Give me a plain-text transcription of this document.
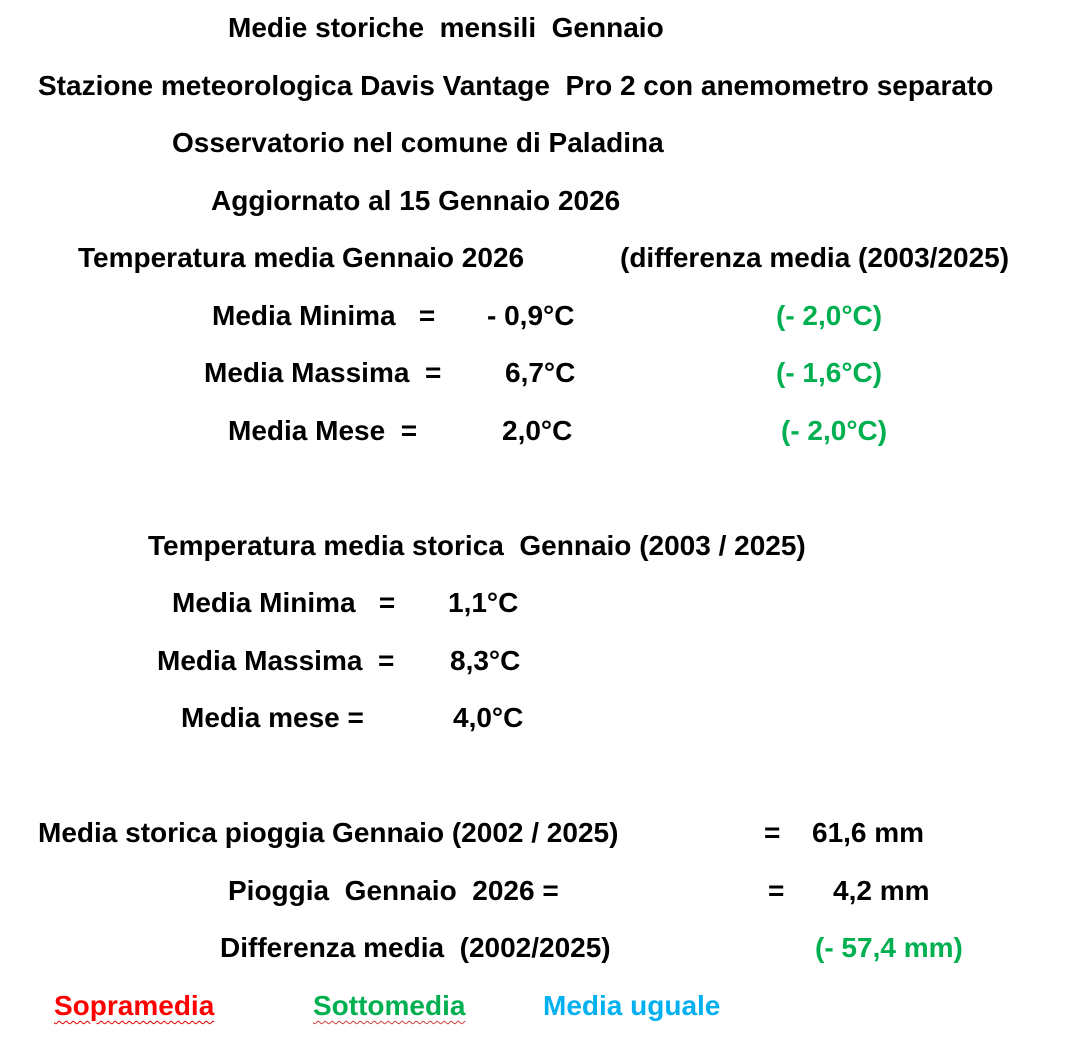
Medie storiche  mensili  Gennaio
Stazione meteorologica Davis Vantage  Pro 2 con anemometro separato
Osservatorio nel comune di Paladina
Aggiornato al 15 Gennaio 2026
Temperatura media Gennaio 2026	(differenza media (2003/2025)
Media Minima   = - 0,9°C	(- 2,0°C)
Media Massima  = 6,7°C	(- 1,6°C)
Media Mese  =	2,0°C	(- 2,0°C)
Temperatura media storica  Gennaio (2003 / 2025)
Media Minima   = 1,1°C
Media Massima  = 8,3°C
Media mese =	4,0°C
Media storica pioggia Gennaio (2002 / 2025)	= 61,6 mm
Pioggia  Gennaio  2026 =	= 4,2 mm
Differenza media  (2002/2025)	(- 57,4 mm)
Sopramedia	Sottomedia	Media uguale
